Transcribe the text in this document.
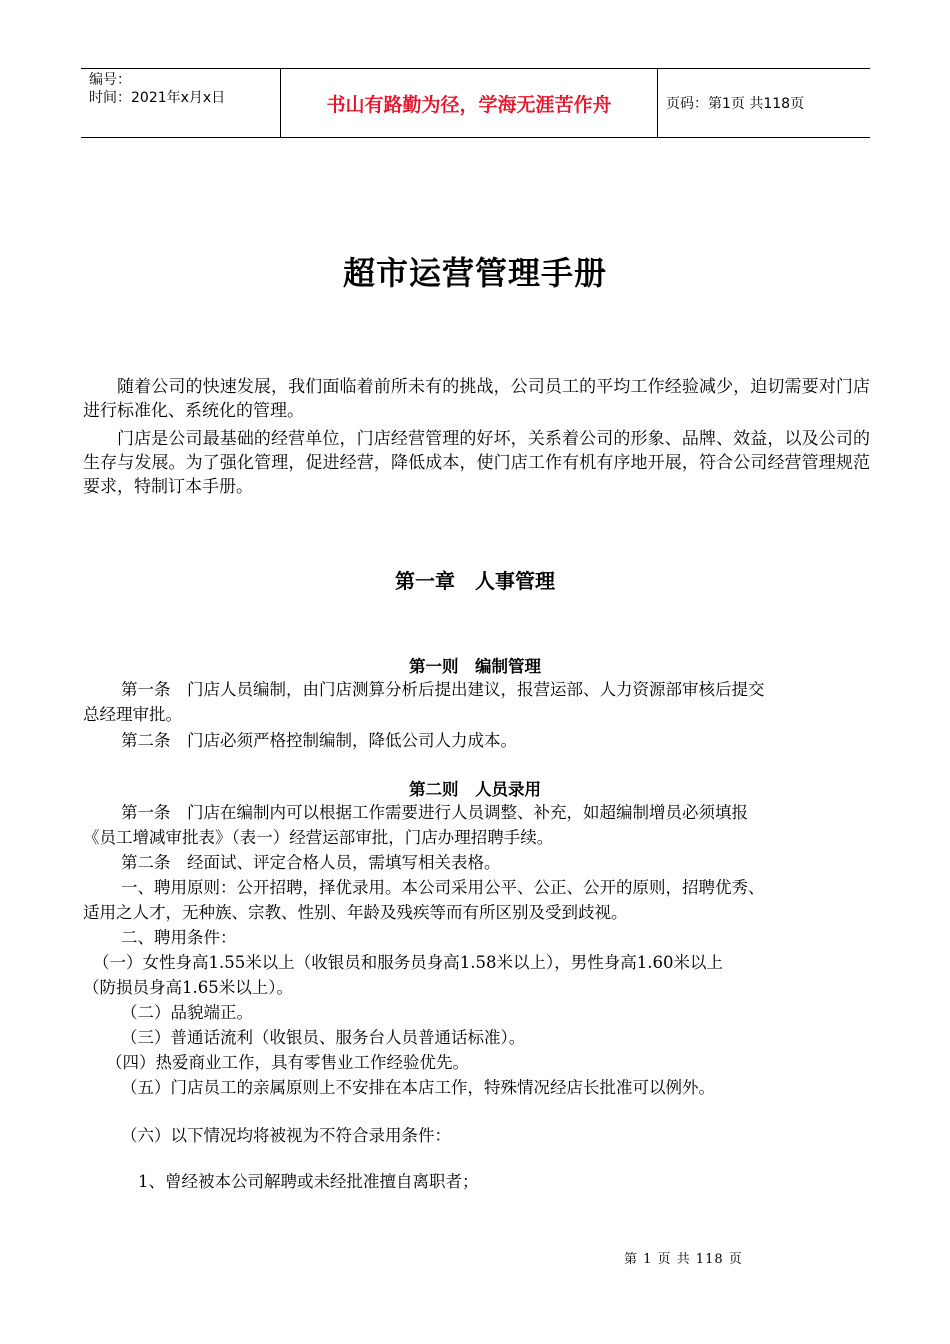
编号：
时间：2021年x月x日	书山有路勤为径，学海无涯苦作舟	页码：第1页 共118页
超市运营管理手册
随着公司的快速发展，我们面临着前所未有的挑战，公司员工的平均工作经验减少，迫切需要对门店进行标准化、系统化的管理。
门店是公司最基础的经营单位，门店经营管理的好坏，关系着公司的形象、品牌、效益，以及公司的生存与发展。为了强化管理，促进经营，降低成本，使门店工作有机有序地开展，符合公司经营管理规范要求，特制订本手册。
第一章　人事管理
第一则　编制管理
第一条　门店人员编制，由门店测算分析后提出建议，报营运部、人力资源部审核后提交
总经理审批。
第二条　门店必须严格控制编制，降低公司人力成本。
第二则　人员录用
第一条　门店在编制内可以根据工作需要进行人员调整、补充，如超编制增员必须填报
《员工增减审批表》（表一）经营运部审批，门店办理招聘手续。
第二条　经面试、评定合格人员，需填写相关表格。
一、聘用原则：公开招聘，择优录用。本公司采用公平、公正、公开的原则，招聘优秀、
适用之人才，无种族、宗教、性别、年龄及残疾等而有所区别及受到歧视。
二、聘用条件：
（一）女性身高1.55米以上（收银员和服务员身高1.58米以上），男性身高1.60米以上
（防损员身高1.65米以上）。
（二）品貌端正。
（三）普通话流利（收银员、服务台人员普通话标准）。
（四）热爱商业工作，具有零售业工作经验优先。
（五）门店员工的亲属原则上不安排在本店工作，特殊情况经店长批准可以例外。
（六）以下情况均将被视为不符合录用条件：
1、曾经被本公司解聘或未经批准擅自离职者；
第 1 页 共 118 页
